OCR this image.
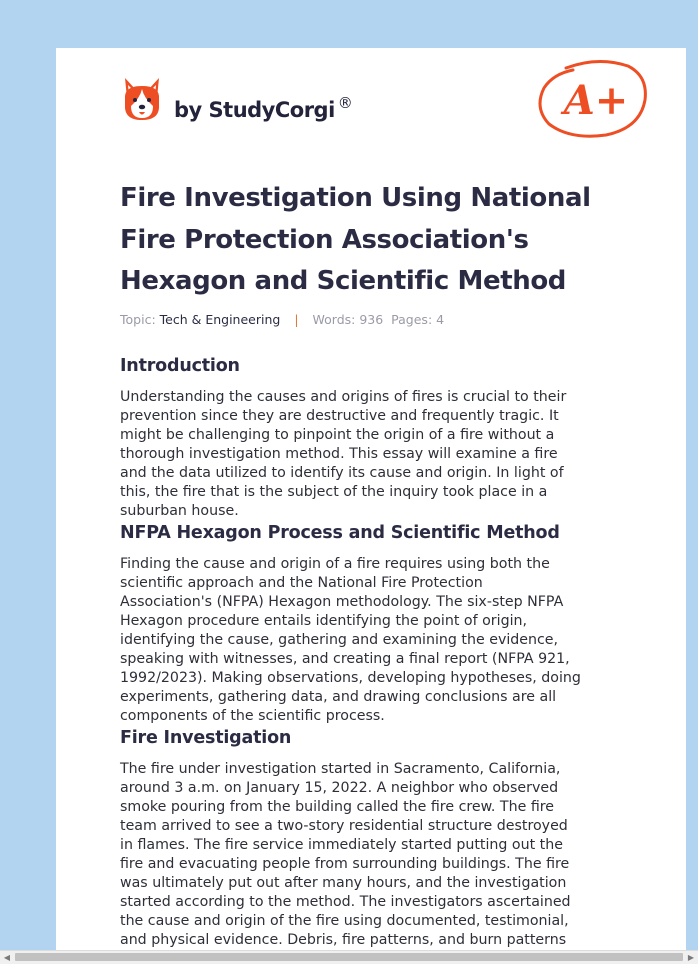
by StudyCorgi ®	A+
Fire Investigation Using National Fire Protection Association's Hexagon and Scientific Method
Topic: Tech & Engineering | Words: 936 Pages: 4
Introduction

Understanding the causes and origins of fires is crucial to their
prevention since they are destructive and frequently tragic. It
might be challenging to pinpoint the origin of a fire without a
thorough investigation method. This essay will examine a fire
and the data utilized to identify its cause and origin. In light of
this, the fire that is the subject of the inquiry took place in a
suburban house.

NFPA Hexagon Process and Scientific Method

Finding the cause and origin of a fire requires using both the
scientific approach and the National Fire Protection
Association's (NFPA) Hexagon methodology. The six-step NFPA
Hexagon procedure entails identifying the point of origin,
identifying the cause, gathering and examining the evidence,
speaking with witnesses, and creating a final report (NFPA 921,
1992/2023). Making observations, developing hypotheses, doing
experiments, gathering data, and drawing conclusions are all
components of the scientific process.

Fire Investigation

The fire under investigation started in Sacramento, California,
around 3 a.m. on January 15, 2022. A neighbor who observed
smoke pouring from the building called the fire crew. The fire
team arrived to see a two-story residential structure destroyed
in flames. The fire service immediately started putting out the
fire and evacuating people from surrounding buildings. The fire
was ultimately put out after many hours, and the investigation
started according to the method. The investigators ascertained
the cause and origin of the fire using documented, testimonial,
and physical evidence. Debris, fire patterns, and burn patterns

◀	▶
